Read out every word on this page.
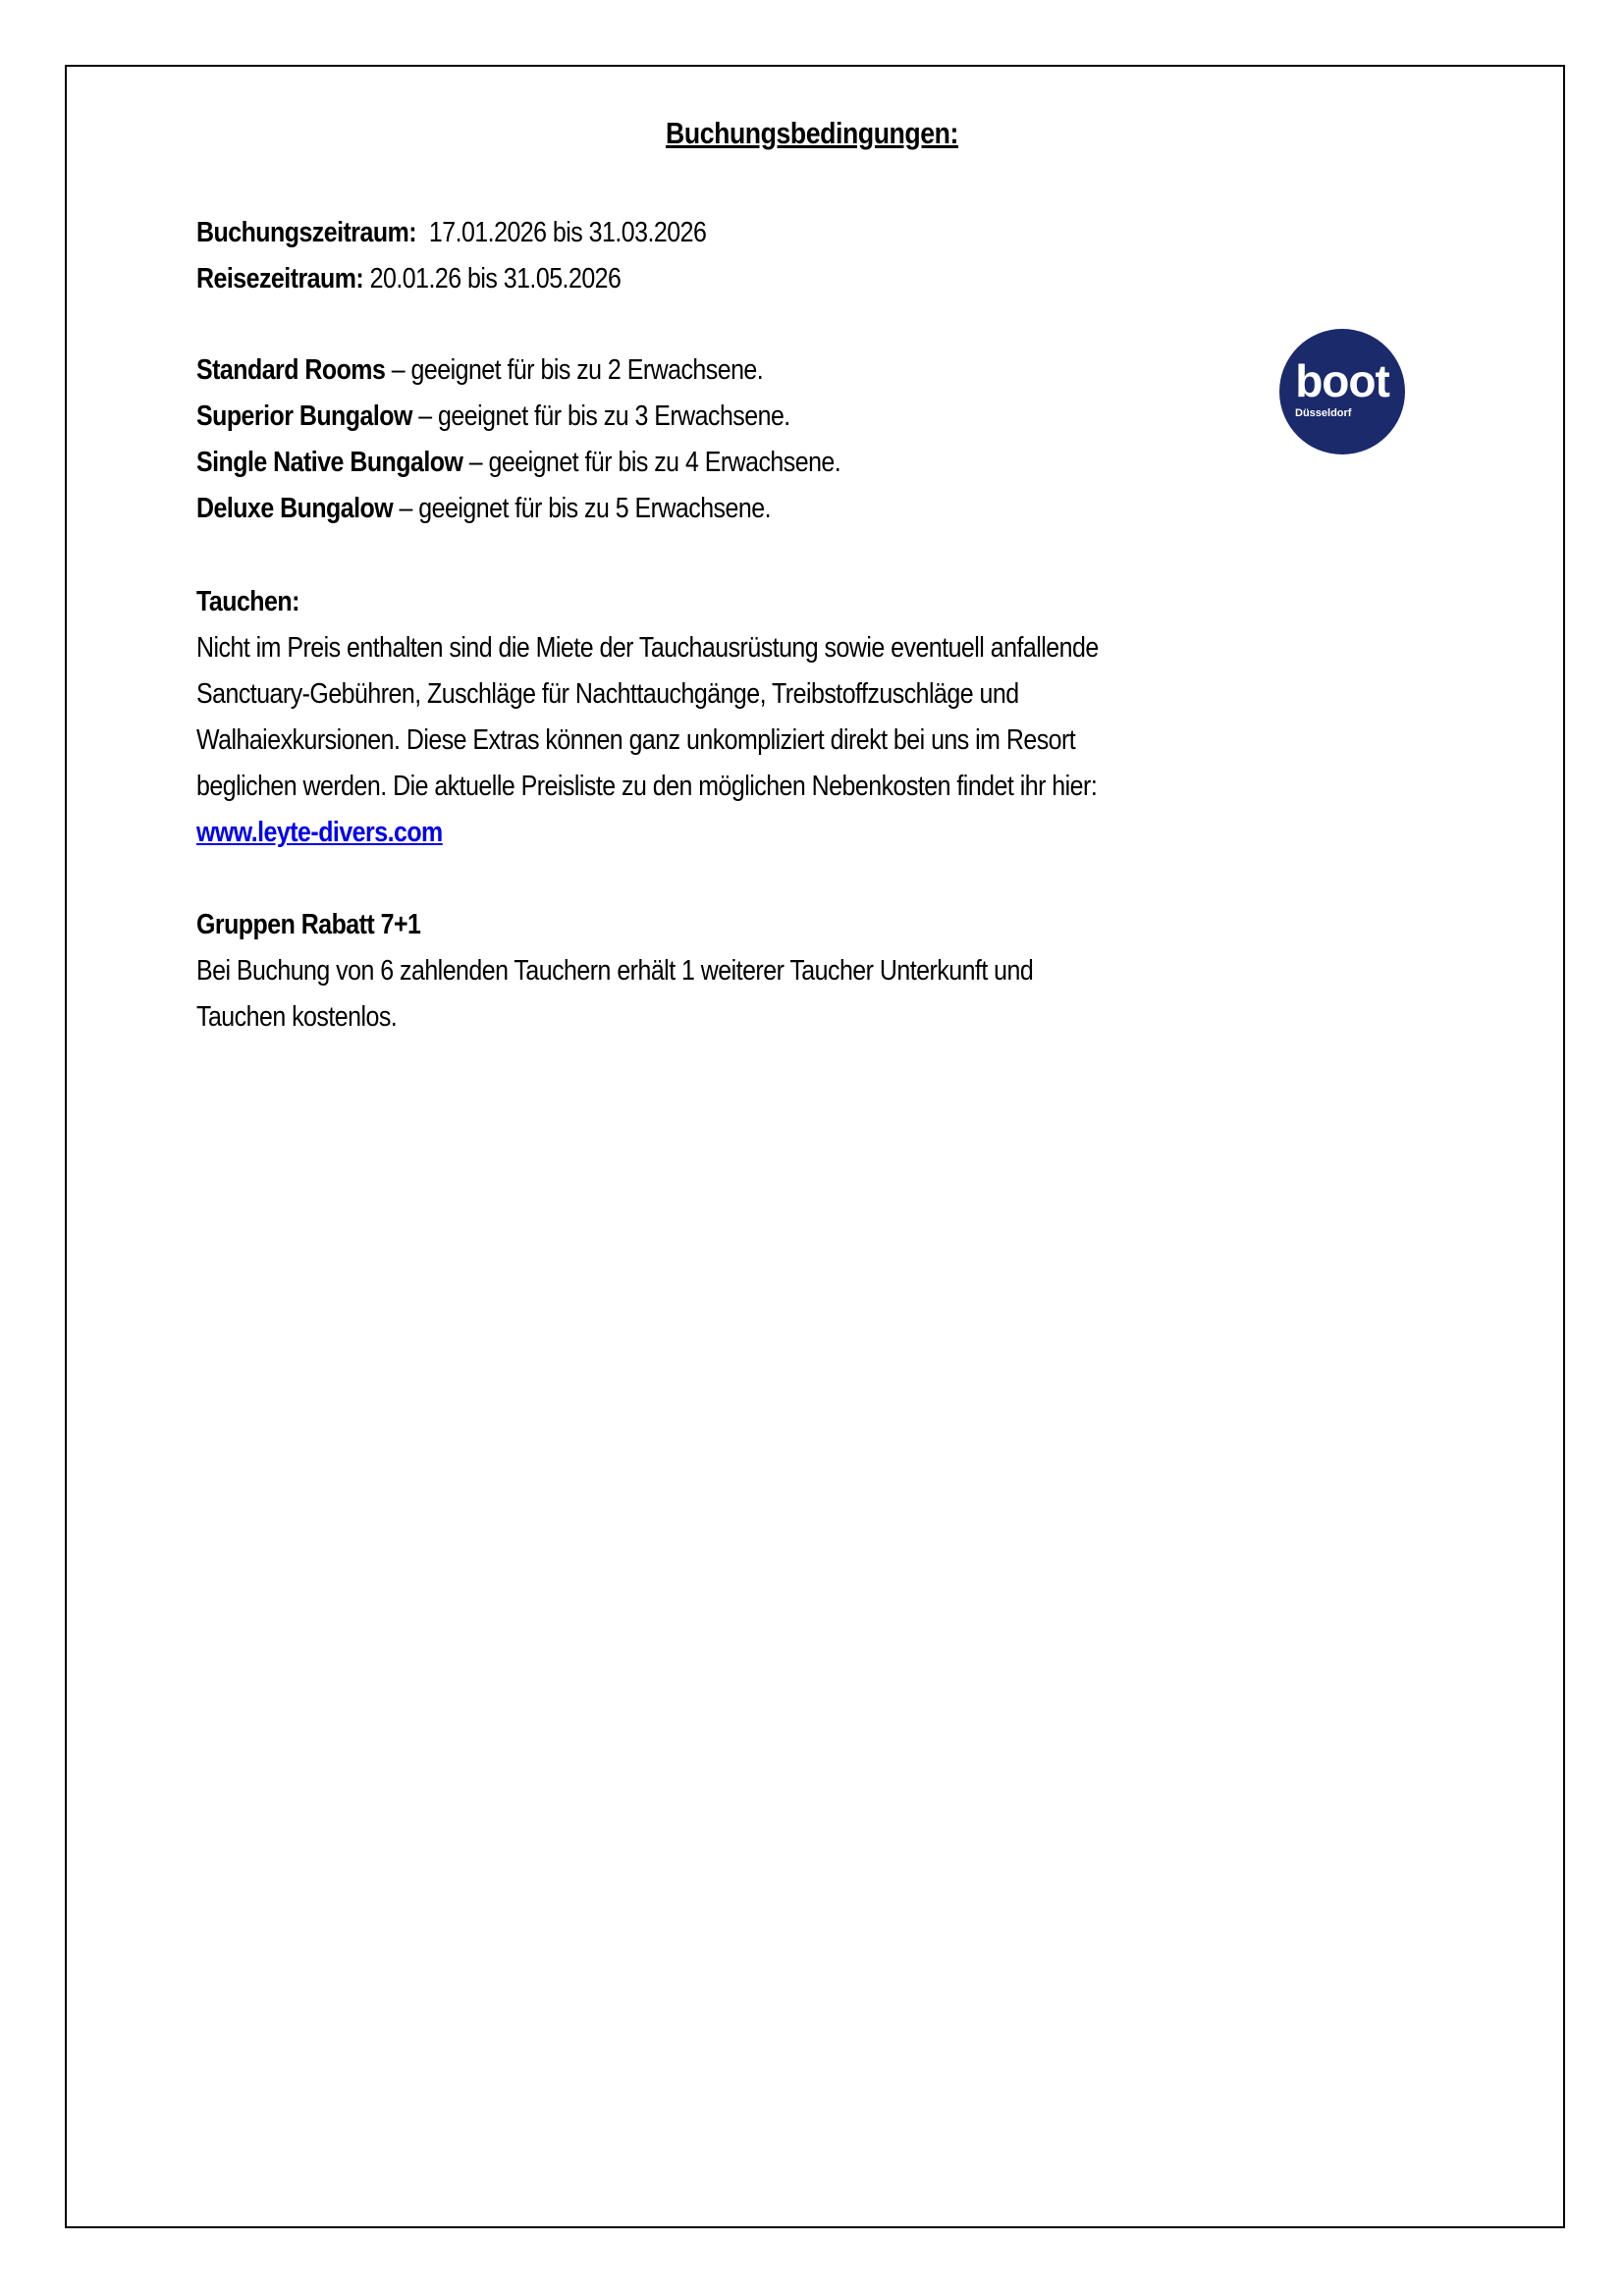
Buchungsbedingungen:
Buchungszeitraum:  17.01.2026 bis 31.03.2026
Reisezeitraum: 20.01.26 bis 31.05.2026
Standard Rooms – geeignet für bis zu 2 Erwachsene.
Superior Bungalow – geeignet für bis zu 3 Erwachsene.
Single Native Bungalow – geeignet für bis zu 4 Erwachsene.
Deluxe Bungalow – geeignet für bis zu 5 Erwachsene.
boot
Düsseldorf
Tauchen:
Nicht im Preis enthalten sind die Miete der Tauchausrüstung sowie eventuell anfallende
Sanctuary-Gebühren, Zuschläge für Nachttauchgänge, Treibstoffzuschläge und
Walhaiexkursionen. Diese Extras können ganz unkompliziert direkt bei uns im Resort
beglichen werden. Die aktuelle Preisliste zu den möglichen Nebenkosten findet ihr hier:
www.leyte-divers.com
Gruppen Rabatt 7+1
Bei Buchung von 6 zahlenden Tauchern erhält 1 weiterer Taucher Unterkunft und
Tauchen kostenlos.
